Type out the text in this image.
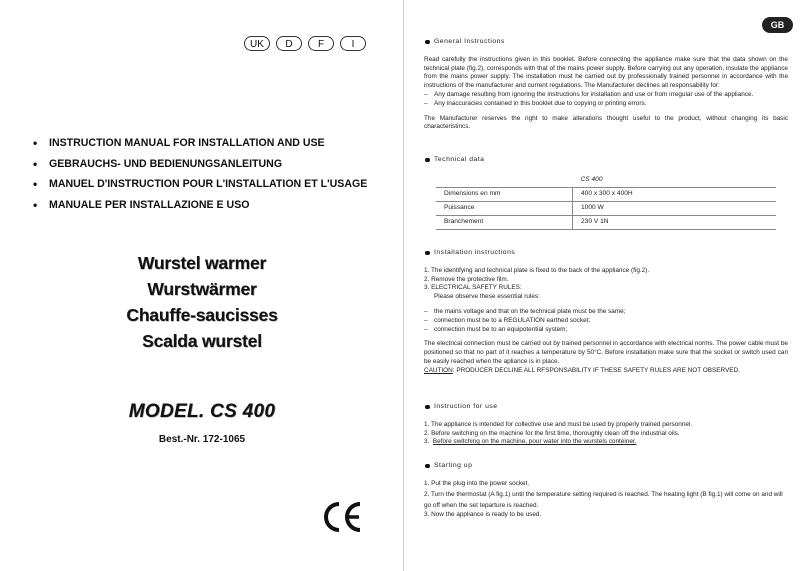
UK	D	F	I
• INSTRUCTION MANUAL FOR INSTALLATION AND USE
• GEBRAUCHS- UND BEDIENUNGSANLEITUNG
• MANUEL D'INSTRUCTION POUR L'INSTALLATION ET L'USAGE
• MANUALE PER INSTALLAZIONE E USO
Wurstel warmer
Wurstwärmer
Chauffe-saucisses
Scalda wurstel
MODEL. CS 400
Best.-Nr. 172-1065
GB
General Instructions
Read carefully the instructions given in this booklet. Before connecting the appliance make sure that the data shown on the technical plate (fig.2), corresponds with that of the mains power supply. Before carrying out any operation, insulate the appliance from the mains power supply. The installation must he carried out by professionally trained personnel in accordance with the instructions of the manufacturer and current regulations. The Manufacturer declines all responsability for:
– Any damage resulting from ignoring the instructions for installation and use or from irregular use of the appliance.
– Any inaccuracies contained in this booklet due to copying or printing errors.
The Manufacturer reserves the right to make alterations thought useful to the product, without changing its basic characteristincs.
Technical data
	CS 400
Dimensions en mm	400 x 300 x 400H
Puissance	1000 W
Branchement	230 V 1N
Installation instructions
1. The identifying and technical plate is fixed to the back of the appliance (fig.2).
2. Remove the protective film.
3. ELECTRICAL SAFETY RULES:
Please observe these essential rules:
– the mains voltage and that on the technical plate must be the same;
– connection must be to a REGULATION earthed socket;
– connection must be to an equipotential system;
The electrical connection must be carried out by trained personnel in accordance with electrical norms. The power cable must be positioned so that no part of it reaches a temperature by 50°C. Before installation make sure that the socket or switch used can be easily reached when the apliance is in place.
CAUTION: PRODUCER DECLINE ALL RFSPONSABILITY IF THESE SAFETY RULES ARE NOT OBSERVED.
Instruction for use
1. The appliance is intended for collective use and must be used by properly trained personnel.
2. Before switching on the machine for the first time, thoroughly clean off the industrial oils.
3.  Before switching on the machine, pour water into the wurstels conteiner.
Starting up
1. Put the plug into the power socket.
2. Turn the thermostat (A fig.1) until the temperature setting required is reached. The heating light (B fig.1) will come on and will go off when the set teparture is reached.
3. Now the appliance is ready to be used.
